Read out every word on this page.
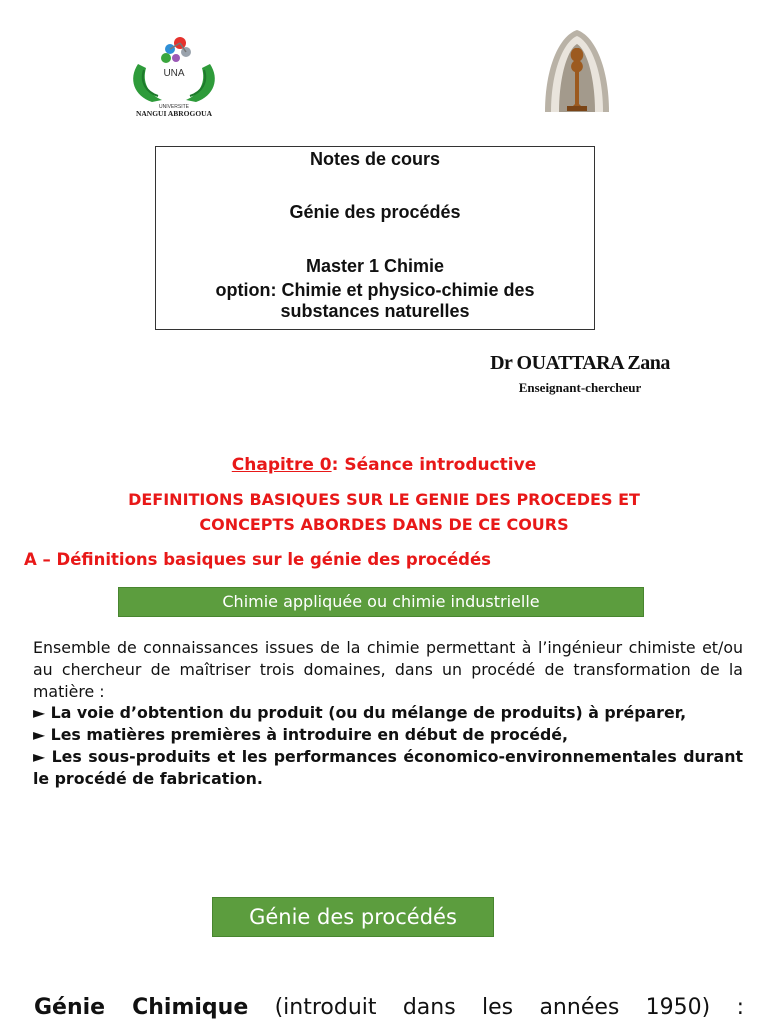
UNA
UNIVERSITE
NANGUI ABROGOUA
Notes de cours
Génie des procédés
Master 1 Chimie
option: Chimie et physico-chimie des
substances naturelles
Dr OUATTARA Zana
Enseignant-chercheur
Chapitre 0: Séance introductive
DEFINITIONS BASIQUES SUR LE GENIE DES PROCEDES ET
CONCEPTS ABORDES DANS DE CE COURS
A – Définitions basiques sur le génie des procédés
Chimie appliquée ou chimie industrielle

Ensemble de connaissances issues de la chimie permettant à l’ingénieur chimiste et/ou au chercheur de maîtriser trois domaines, dans un procédé de transformation de la matière :

► La voie d’obtention du produit (ou du mélange de produits) à préparer,

► Les matières premières à introduire en début de procédé,

► Les sous-produits et les performances économico-environnementales durant le procédé de fabrication.

Génie des procédés
Génie Chimique (introduit dans les années 1950) :
